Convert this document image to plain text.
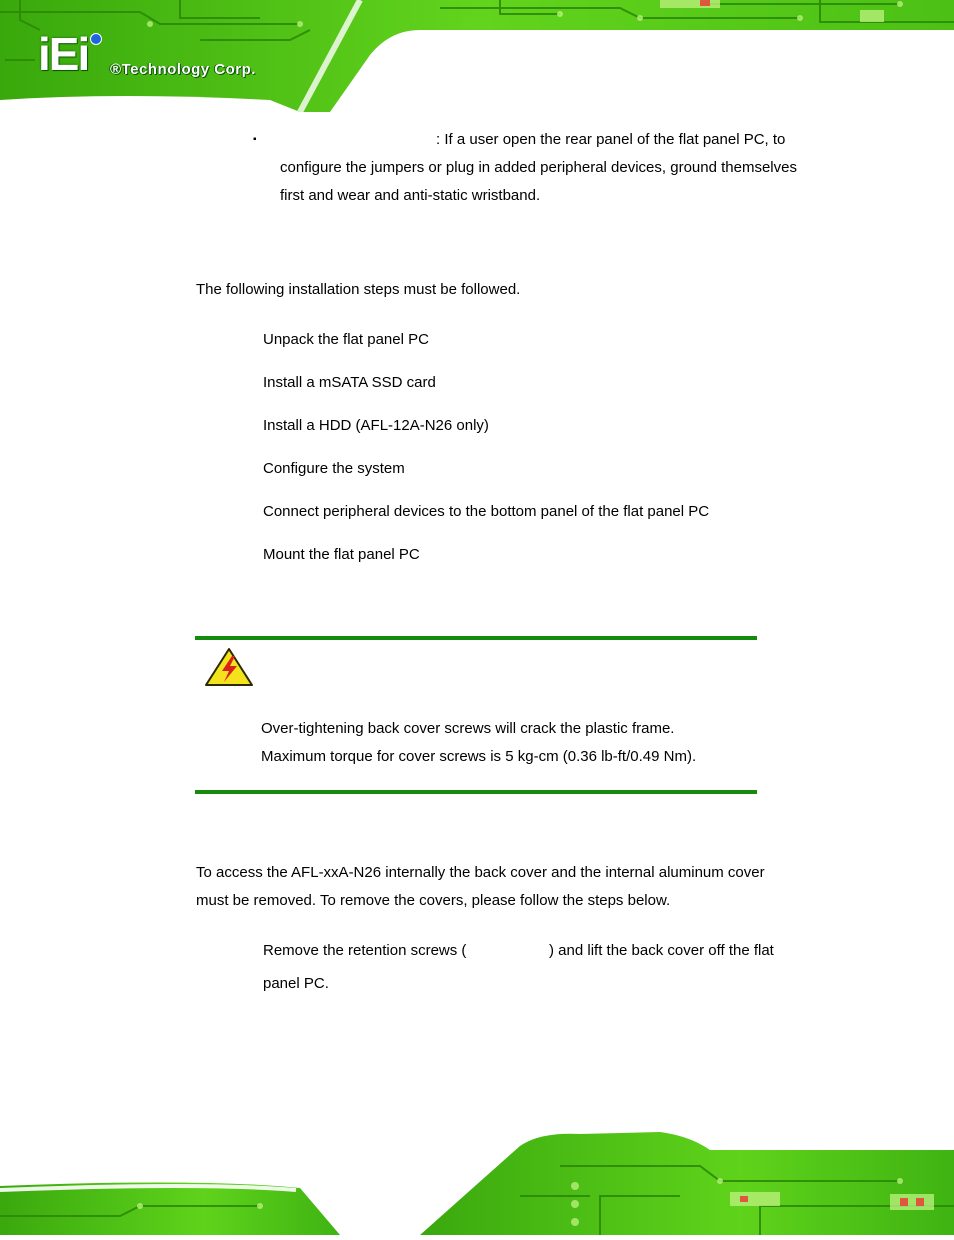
iEi ®Technology Corp.
▪	: If a user open the rear panel of the flat panel PC, to
configure the jumpers or plug in added peripheral devices, ground themselves
first and wear and anti-static wristband.
The following installation steps must be followed.
Unpack the flat panel PC
Install a mSATA SSD card
Install a HDD (AFL-12A-N26 only)
Configure the system
Connect peripheral devices to the bottom panel of the flat panel PC
Mount the flat panel PC
Over-tightening back cover screws will crack the plastic frame.
Maximum torque for cover screws is 5 kg-cm (0.36 lb-ft/0.49 Nm).
To access the AFL-xxA-N26 internally the back cover and the internal aluminum cover
must be removed. To remove the covers, please follow the steps below.
Remove the retention screws (	) and lift the back cover off the flat
panel PC.
